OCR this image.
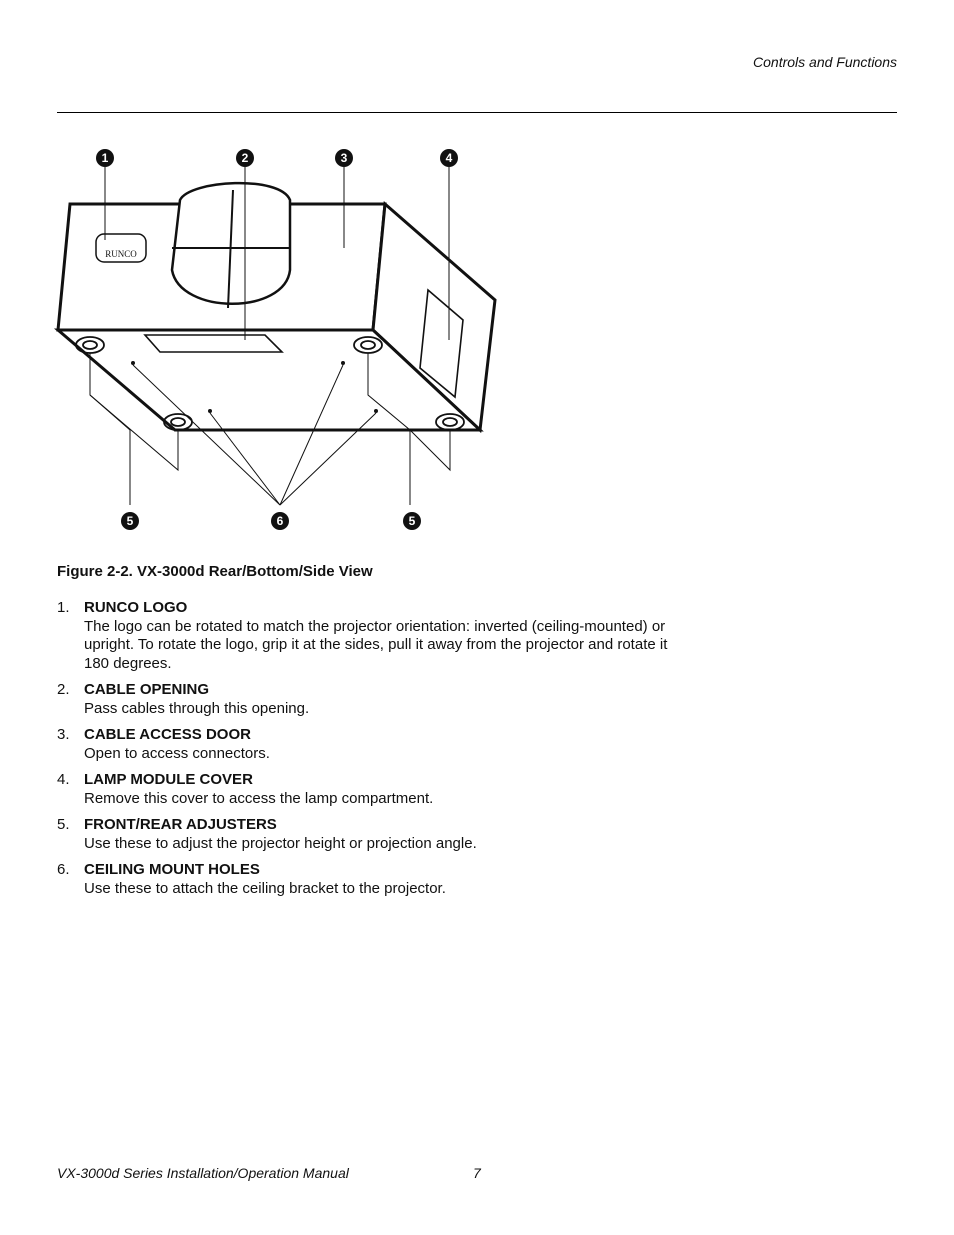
Controls and Functions
RUNCO
1	2	3	4
5	6	5
Figure 2-2. VX-3000d Rear/Bottom/Side View
1. RUNCO LOGO
The logo can be rotated to match the projector orientation: inverted (ceiling-mounted) or upright. To rotate the logo, grip it at the sides, pull it away from the projector and rotate it 180 degrees.
2. CABLE OPENING
Pass cables through this opening.
3. CABLE ACCESS DOOR
Open to access connectors.
4. LAMP MODULE COVER
Remove this cover to access the lamp compartment.
5. FRONT/REAR ADJUSTERS
Use these to adjust the projector height or projection angle.
6. CEILING MOUNT HOLES
Use these to attach the ceiling bracket to the projector.
VX-3000d Series Installation/Operation Manual	7
